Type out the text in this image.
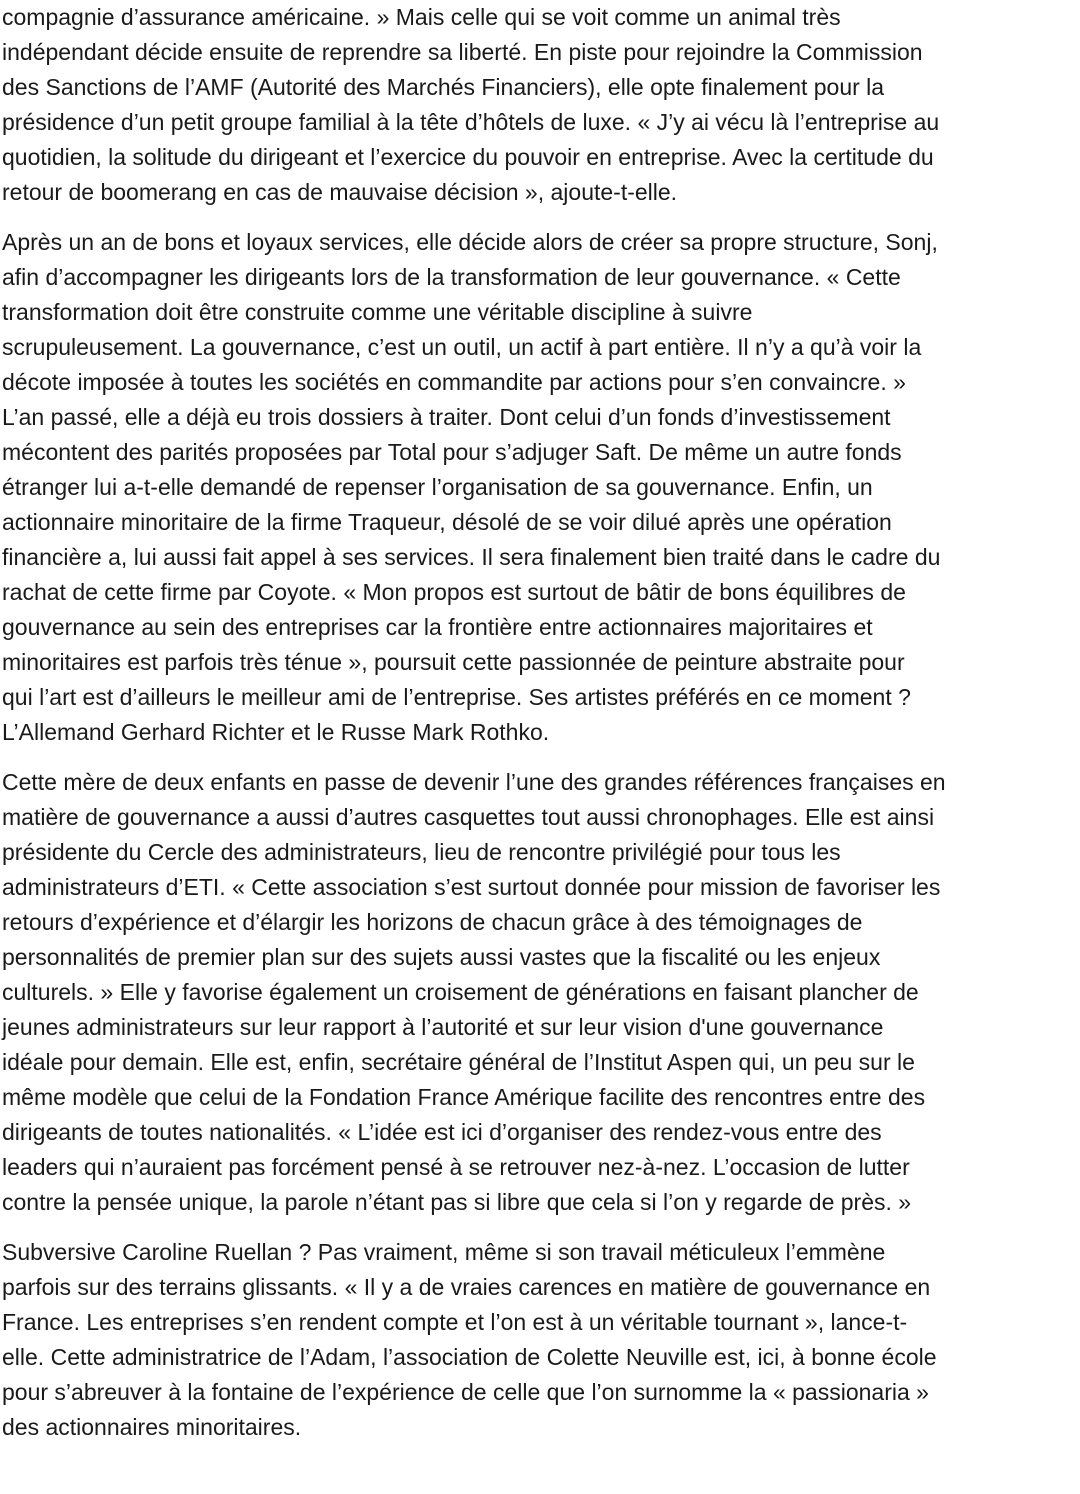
compagnie d’assurance américaine. » Mais celle qui se voit comme un animal très
indépendant décide ensuite de reprendre sa liberté. En piste pour rejoindre la Commission
des Sanctions de l’AMF (Autorité des Marchés Financiers), elle opte finalement pour la
présidence d’un petit groupe familial à la tête d’hôtels de luxe. « J’y ai vécu là l’entreprise au
quotidien, la solitude du dirigeant et l’exercice du pouvoir en entreprise. Avec la certitude du
retour de boomerang en cas de mauvaise décision », ajoute-t-elle.

Après un an de bons et loyaux services, elle décide alors de créer sa propre structure, Sonj,
afin d’accompagner les dirigeants lors de la transformation de leur gouvernance. « Cette
transformation doit être construite comme une véritable discipline à suivre
scrupuleusement. La gouvernance, c’est un outil, un actif à part entière. Il n’y a qu’à voir la
décote imposée à toutes les sociétés en commandite par actions pour s’en convaincre. »
L’an passé, elle a déjà eu trois dossiers à traiter. Dont celui d’un fonds d’investissement
mécontent des parités proposées par Total pour s’adjuger Saft. De même un autre fonds
étranger lui a-t-elle demandé de repenser l’organisation de sa gouvernance. Enfin, un
actionnaire minoritaire de la firme Traqueur, désolé de se voir dilué après une opération
financière a, lui aussi fait appel à ses services. Il sera finalement bien traité dans le cadre du
rachat de cette firme par Coyote. « Mon propos est surtout de bâtir de bons équilibres de
gouvernance au sein des entreprises car la frontière entre actionnaires majoritaires et
minoritaires est parfois très ténue », poursuit cette passionnée de peinture abstraite pour
qui l’art est d’ailleurs le meilleur ami de l’entreprise. Ses artistes préférés en ce moment ?
L’Allemand Gerhard Richter et le Russe Mark Rothko.

Cette mère de deux enfants en passe de devenir l’une des grandes références françaises en
matière de gouvernance a aussi d’autres casquettes tout aussi chronophages. Elle est ainsi
présidente du Cercle des administrateurs, lieu de rencontre privilégié pour tous les
administrateurs d’ETI. « Cette association s’est surtout donnée pour mission de favoriser les
retours d’expérience et d’élargir les horizons de chacun grâce à des témoignages de
personnalités de premier plan sur des sujets aussi vastes que la fiscalité ou les enjeux
culturels. » Elle y favorise également un croisement de générations en faisant plancher de
jeunes administrateurs sur leur rapport à l’autorité et sur leur vision d'une gouvernance
idéale pour demain. Elle est, enfin, secrétaire général de l’Institut Aspen qui, un peu sur le
même modèle que celui de la Fondation France Amérique facilite des rencontres entre des
dirigeants de toutes nationalités. « L’idée est ici d’organiser des rendez-vous entre des
leaders qui n’auraient pas forcément pensé à se retrouver nez-à-nez. L’occasion de lutter
contre la pensée unique, la parole n’étant pas si libre que cela si l’on y regarde de près. »

Subversive Caroline Ruellan ? Pas vraiment, même si son travail méticuleux l’emmène
parfois sur des terrains glissants. « Il y a de vraies carences en matière de gouvernance en
France. Les entreprises s’en rendent compte et l’on est à un véritable tournant », lance-t-
elle. Cette administratrice de l’Adam, l’association de Colette Neuville est, ici, à bonne école
pour s’abreuver à la fontaine de l’expérience de celle que l’on surnomme la « passionaria »
des actionnaires minoritaires.
